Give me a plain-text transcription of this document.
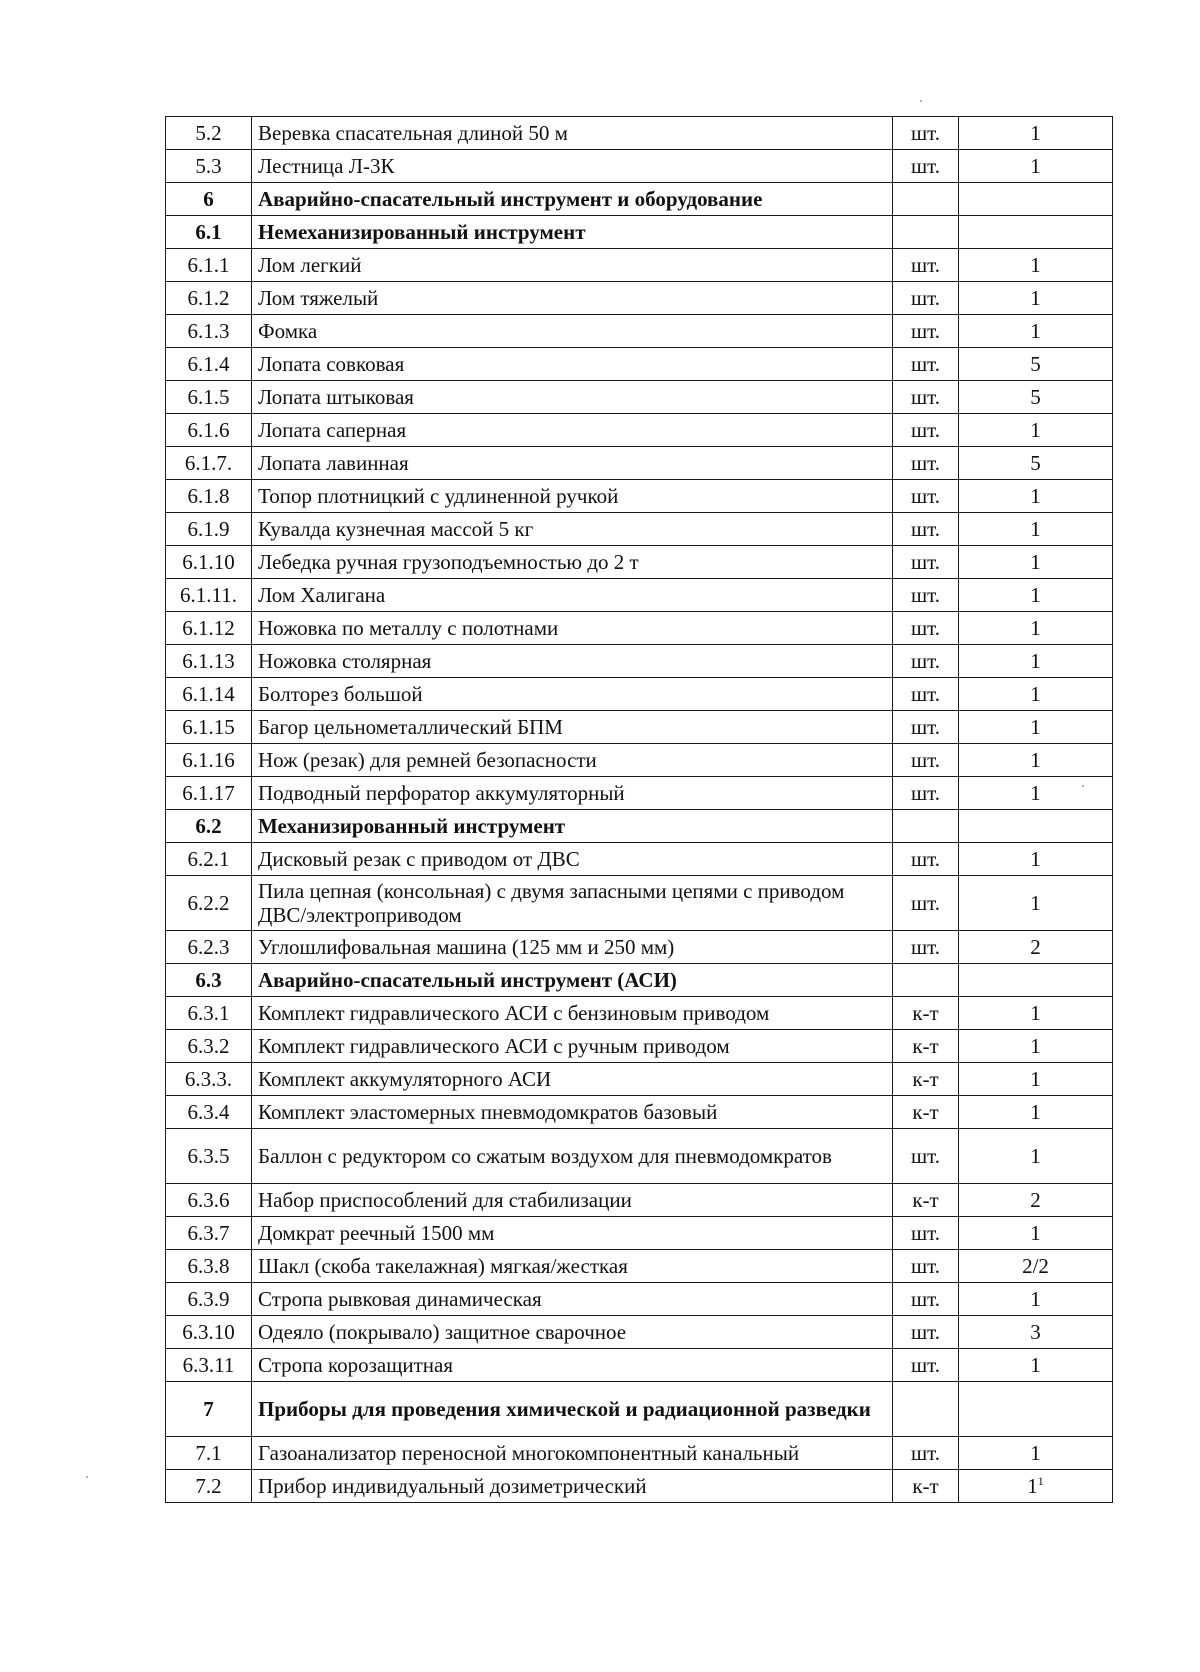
5.2	Веревка спасательная длиной 50 м	шт.	1
5.3	Лестница Л-3К	шт.	1
6	Аварийно-спасательный инструмент и оборудование		
6.1	Немеханизированный инструмент		
6.1.1	Лом легкий	шт.	1
6.1.2	Лом тяжелый	шт.	1
6.1.3	Фомка	шт.	1
6.1.4	Лопата совковая	шт.	5
6.1.5	Лопата штыковая	шт.	5
6.1.6	Лопата саперная	шт.	1
6.1.7.	Лопата лавинная	шт.	5
6.1.8	Топор плотницкий с удлиненной ручкой	шт.	1
6.1.9	Кувалда кузнечная массой 5 кг	шт.	1
6.1.10	Лебедка ручная грузоподъемностью до 2 т	шт.	1
6.1.11.	Лом Халигана	шт.	1
6.1.12	Ножовка по металлу с полотнами	шт.	1
6.1.13	Ножовка столярная	шт.	1
6.1.14	Болторез большой	шт.	1
6.1.15	Багор цельнометаллический БПМ	шт.	1
6.1.16	Нож (резак) для ремней безопасности	шт.	1
6.1.17	Подводный перфоратор аккумуляторный	шт.	1
6.2	Механизированный инструмент		
6.2.1	Дисковый резак с приводом от ДВС	шт.	1
6.2.2	Пила цепная (консольная) с двумя запасными цепями с приводом ДВС/электроприводом	шт.	1
6.2.3	Углошлифовальная машина (125 мм и 250 мм)	шт.	2
6.3	Аварийно-спасательный инструмент (АСИ)		
6.3.1	Комплект гидравлического АСИ с бензиновым приводом	к-т	1
6.3.2	Комплект гидравлического АСИ с ручным приводом	к-т	1
6.3.3.	Комплект аккумуляторного АСИ	к-т	1
6.3.4	Комплект эластомерных пневмодомкратов базовый	к-т	1
6.3.5	Баллон с редуктором со сжатым воздухом для пневмодомкратов	шт.	1
6.3.6	Набор приспособлений для стабилизации	к-т	2
6.3.7	Домкрат реечный 1500 мм	шт.	1
6.3.8	Шакл (скоба такелажная) мягкая/жесткая	шт.	2/2
6.3.9	Стропа рывковая динамическая	шт.	1
6.3.10	Одеяло (покрывало) защитное сварочное	шт.	3
6.3.11	Стропа корозащитная	шт.	1
7	Приборы для проведения химической и радиационной разведки		
7.1	Газоанализатор переносной многокомпонентный канальный	шт.	1
7.2	Прибор индивидуальный дозиметрический	к-т	$1^1$
